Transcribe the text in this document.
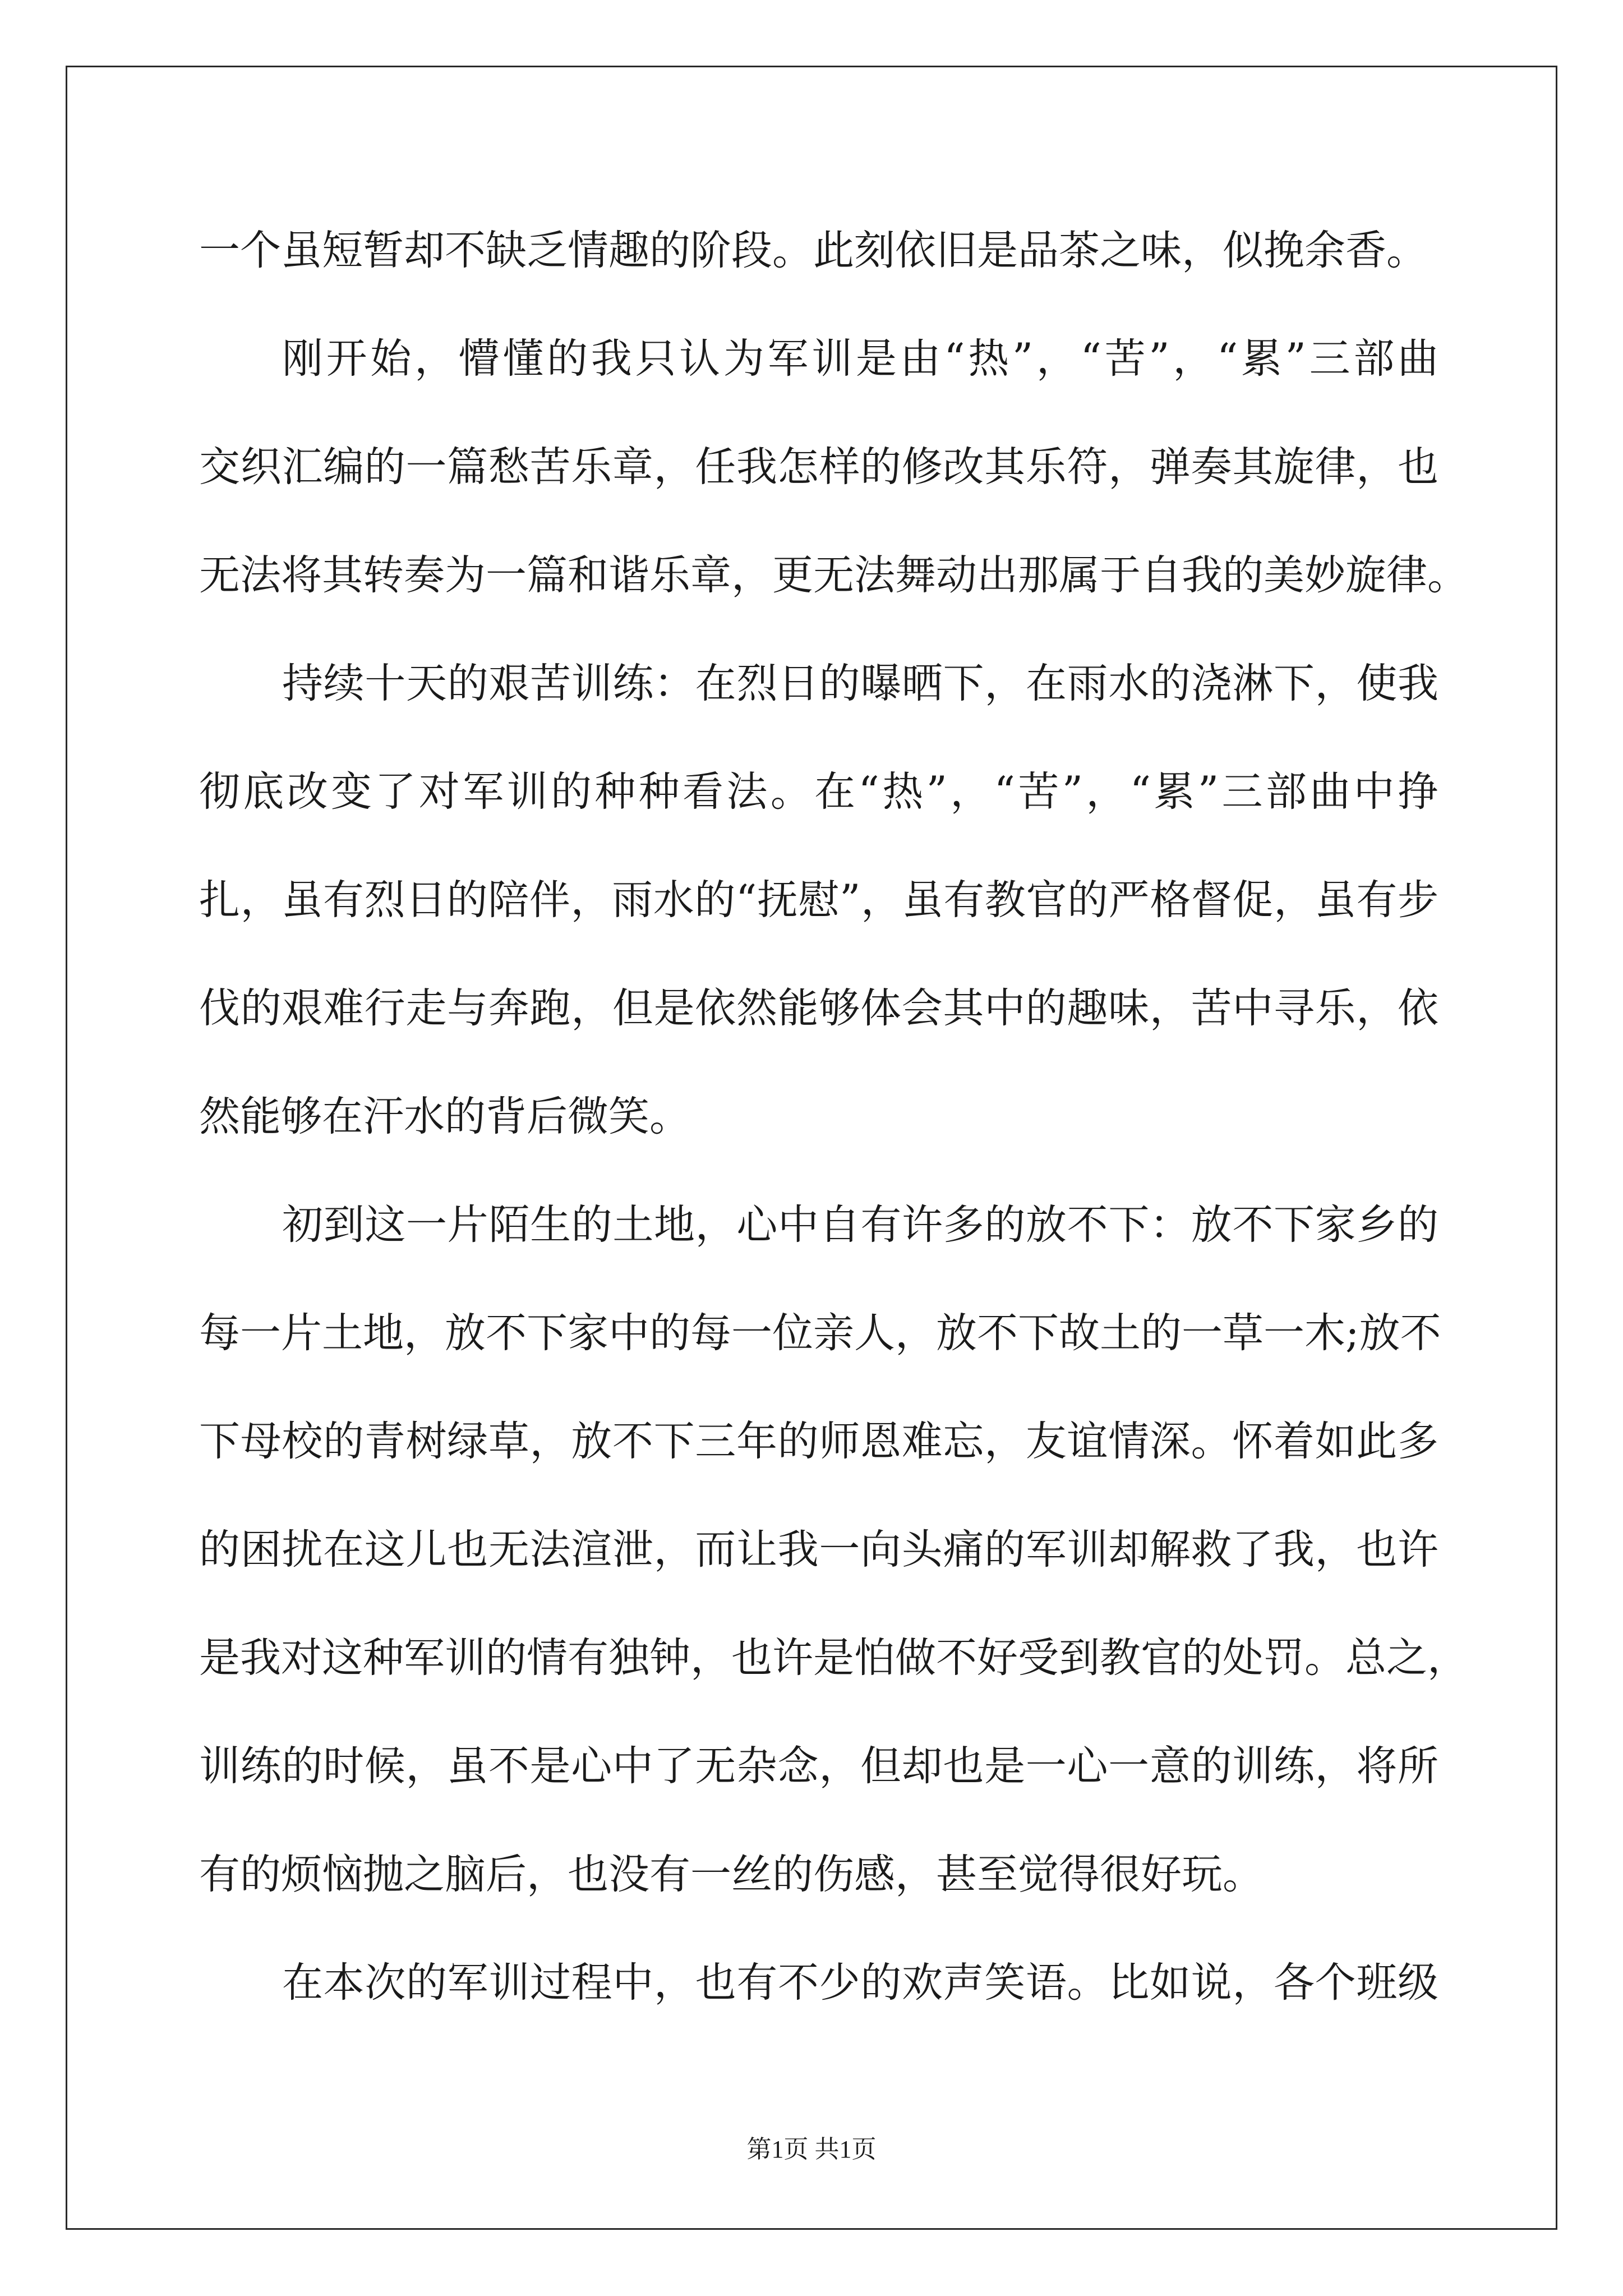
一个虽短暂却不缺乏情趣的阶段。此刻依旧是品茶之味，似挽余香。
刚开始，懵懂的我只认为军训是由“热”，“苦”，“累”三部曲
交织汇编的一篇愁苦乐章，任我怎样的修改其乐符，弹奏其旋律，也
无法将其转奏为一篇和谐乐章，更无法舞动出那属于自我的美妙旋律。
持续十天的艰苦训练：在烈日的曝晒下，在雨水的浇淋下，使我
彻底改变了对军训的种种看法。在“热”，“苦”，“累”三部曲中挣
扎，虽有烈日的陪伴，雨水的“抚慰”，虽有教官的严格督促，虽有步
伐的艰难行走与奔跑，但是依然能够体会其中的趣味，苦中寻乐，依
然能够在汗水的背后微笑。
初到这一片陌生的土地，心中自有许多的放不下：放不下家乡的
每一片土地，放不下家中的每一位亲人，放不下故土的一草一木;放不
下母校的青树绿草，放不下三年的师恩难忘，友谊情深。怀着如此多
的困扰在这儿也无法渲泄，而让我一向头痛的军训却解救了我，也许
是我对这种军训的情有独钟，也许是怕做不好受到教官的处罚。总之，
训练的时候，虽不是心中了无杂念，但却也是一心一意的训练，将所
有的烦恼抛之脑后，也没有一丝的伤感，甚至觉得很好玩。
在本次的军训过程中，也有不少的欢声笑语。比如说，各个班级
第1页 共1页
